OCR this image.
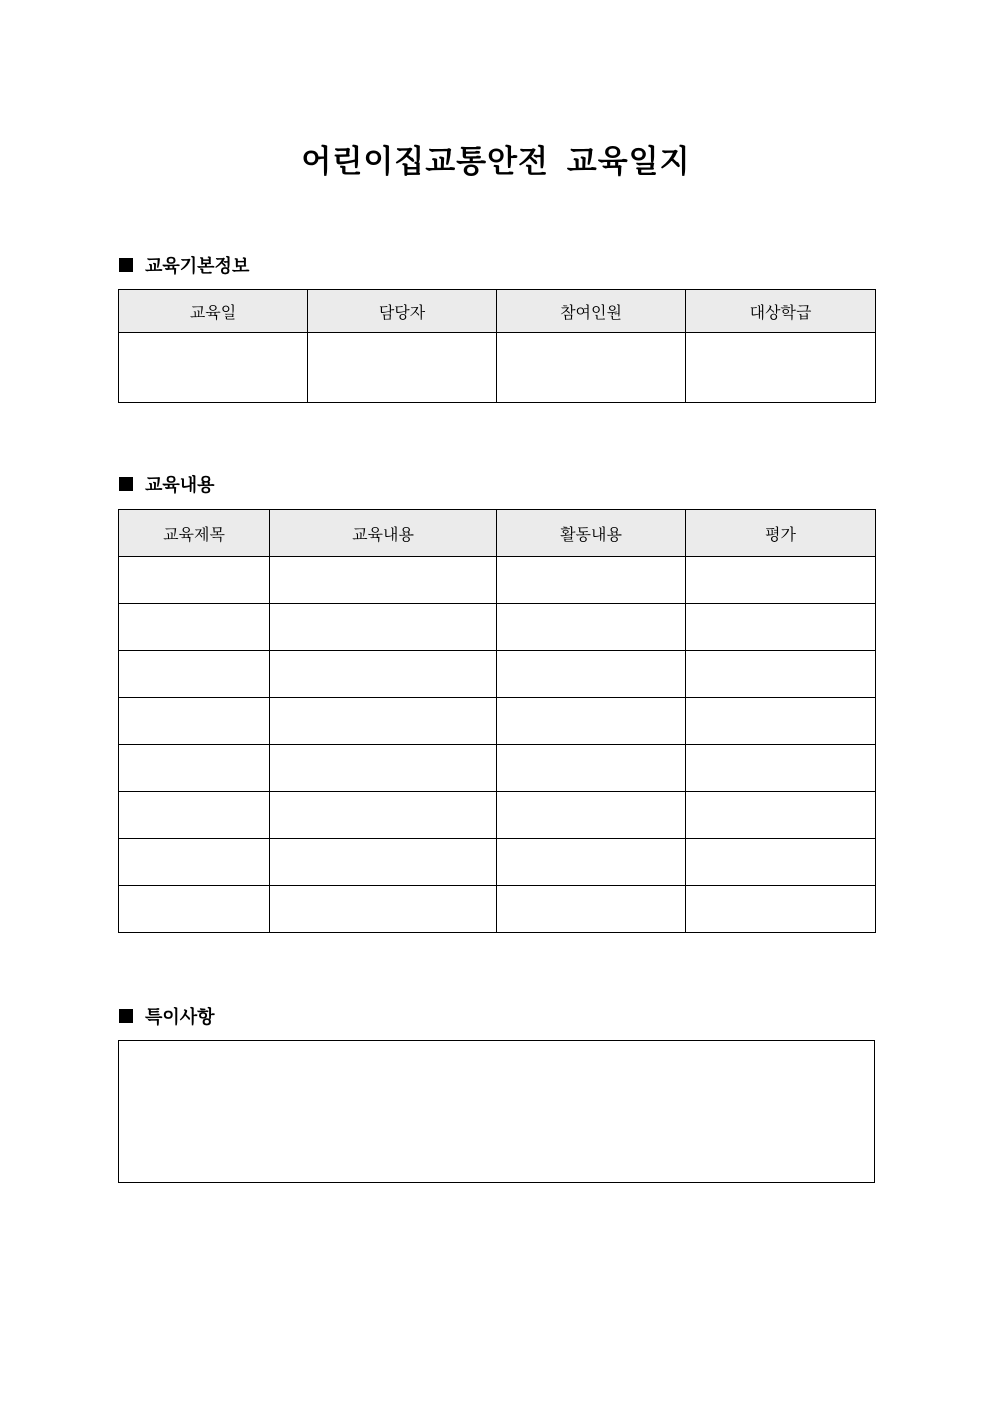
어린이집교통안전 교육일지
교육기본정보
교육일	담당자	참여인원	대상학급

교육내용
교육제목	교육내용	활동내용	평가

특이사항
